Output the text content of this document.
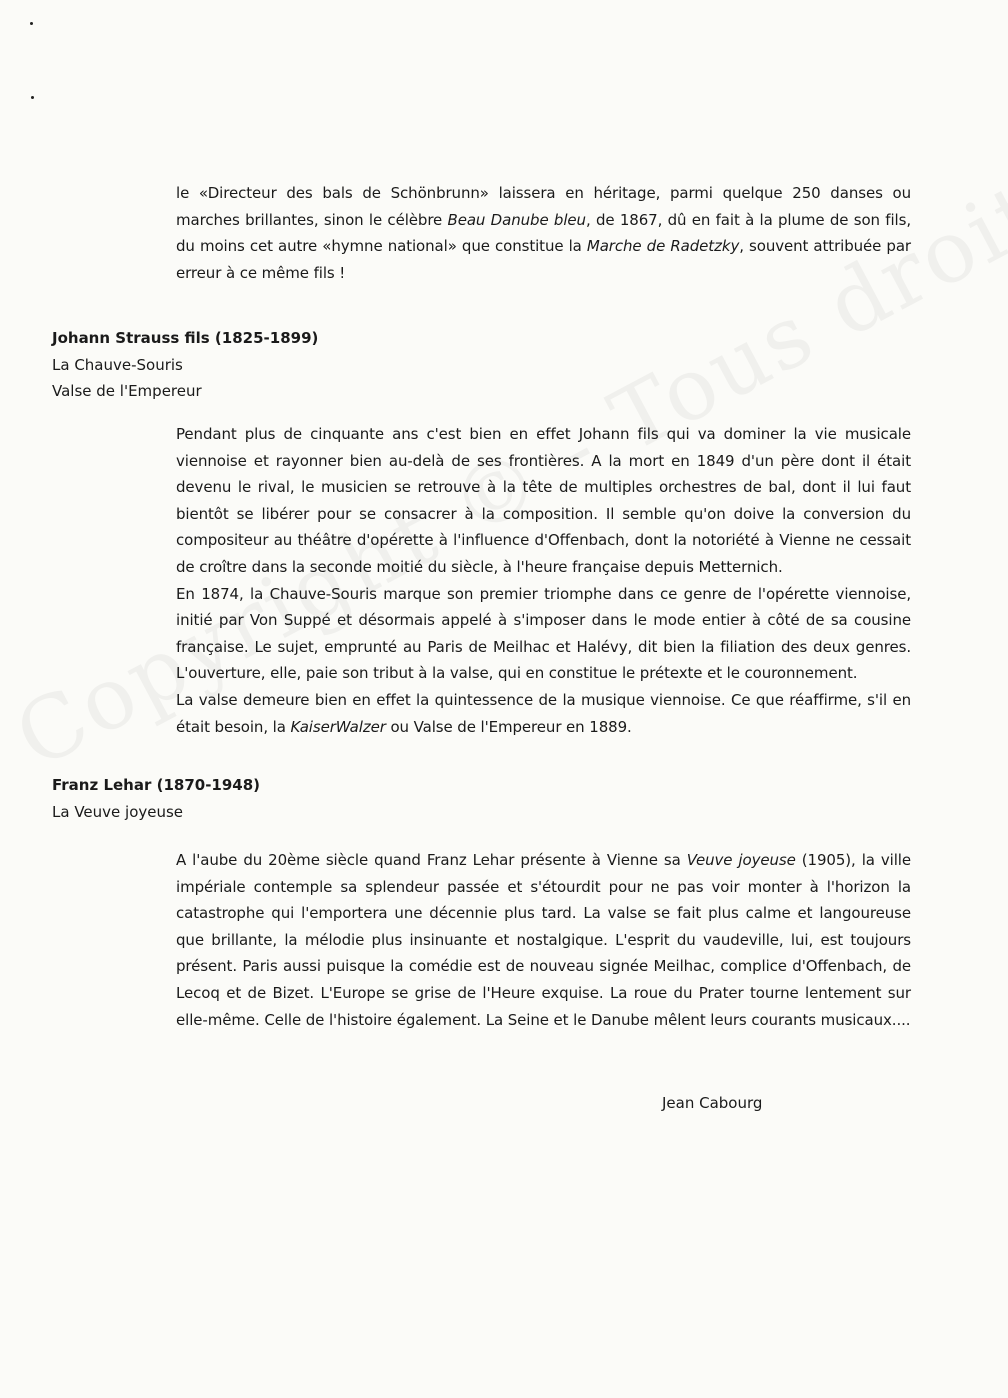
le «Directeur des bals de Schönbrunn» laissera en héritage, parmi quelque 250 danses ou marches brillantes, sinon le célèbre Beau Danube bleu, de 1867, dû en fait à la plume de son fils, du moins cet autre «hymne national» que constitue la Marche de Radetzky, souvent attribuée par erreur à ce même fils !

Johann Strauss fils (1825-1899)
La Chauve-Souris
Valse de l'Empereur

Pendant plus de cinquante ans c'est bien en effet Johann fils qui va dominer la vie musicale viennoise et rayonner bien au-delà de ses frontières. A la mort en 1849 d'un père dont il était devenu le rival, le musicien se retrouve à la tête de multiples orchestres de bal, dont il lui faut bientôt se libérer pour se consacrer à la composition. Il semble qu'on doive la conversion du compositeur au théâtre d'opérette à l'influence d'Offenbach, dont la notoriété à Vienne ne cessait de croître dans la seconde moitié du siècle, à l'heure française depuis Metternich.

En 1874, la Chauve-Souris marque son premier triomphe dans ce genre de l'opérette viennoise, initié par Von Suppé et désormais appelé à s'imposer dans le mode entier à côté de sa cousine française. Le sujet, emprunté au Paris de Meilhac et Halévy, dit bien la filiation des deux genres. L'ouverture, elle, paie son tribut à la valse, qui en constitue le prétexte et le couronnement.

La valse demeure bien en effet la quintessence de la musique viennoise. Ce que réaffirme, s'il en était besoin, la KaiserWalzer ou Valse de l'Empereur en 1889.

Franz Lehar (1870-1948)
La Veuve joyeuse

A l'aube du 20ème siècle quand Franz Lehar présente à Vienne sa Veuve joyeuse (1905), la ville impériale contemple sa splendeur passée et s'étourdit pour ne pas voir monter à l'horizon la catastrophe qui l'emportera une décennie plus tard. La valse se fait plus calme et langoureuse que brillante, la mélodie plus insinuante et nostalgique. L'esprit du vaudeville, lui, est toujours présent. Paris aussi puisque la comédie est de nouveau signée Meilhac, complice d'Offenbach, de Lecoq et de Bizet. L'Europe se grise de l'Heure exquise. La roue du Prater tourne lentement sur elle-même. Celle de l'histoire également. La Seine et le Danube mêlent leurs courants musicaux....

Jean Cabourg
